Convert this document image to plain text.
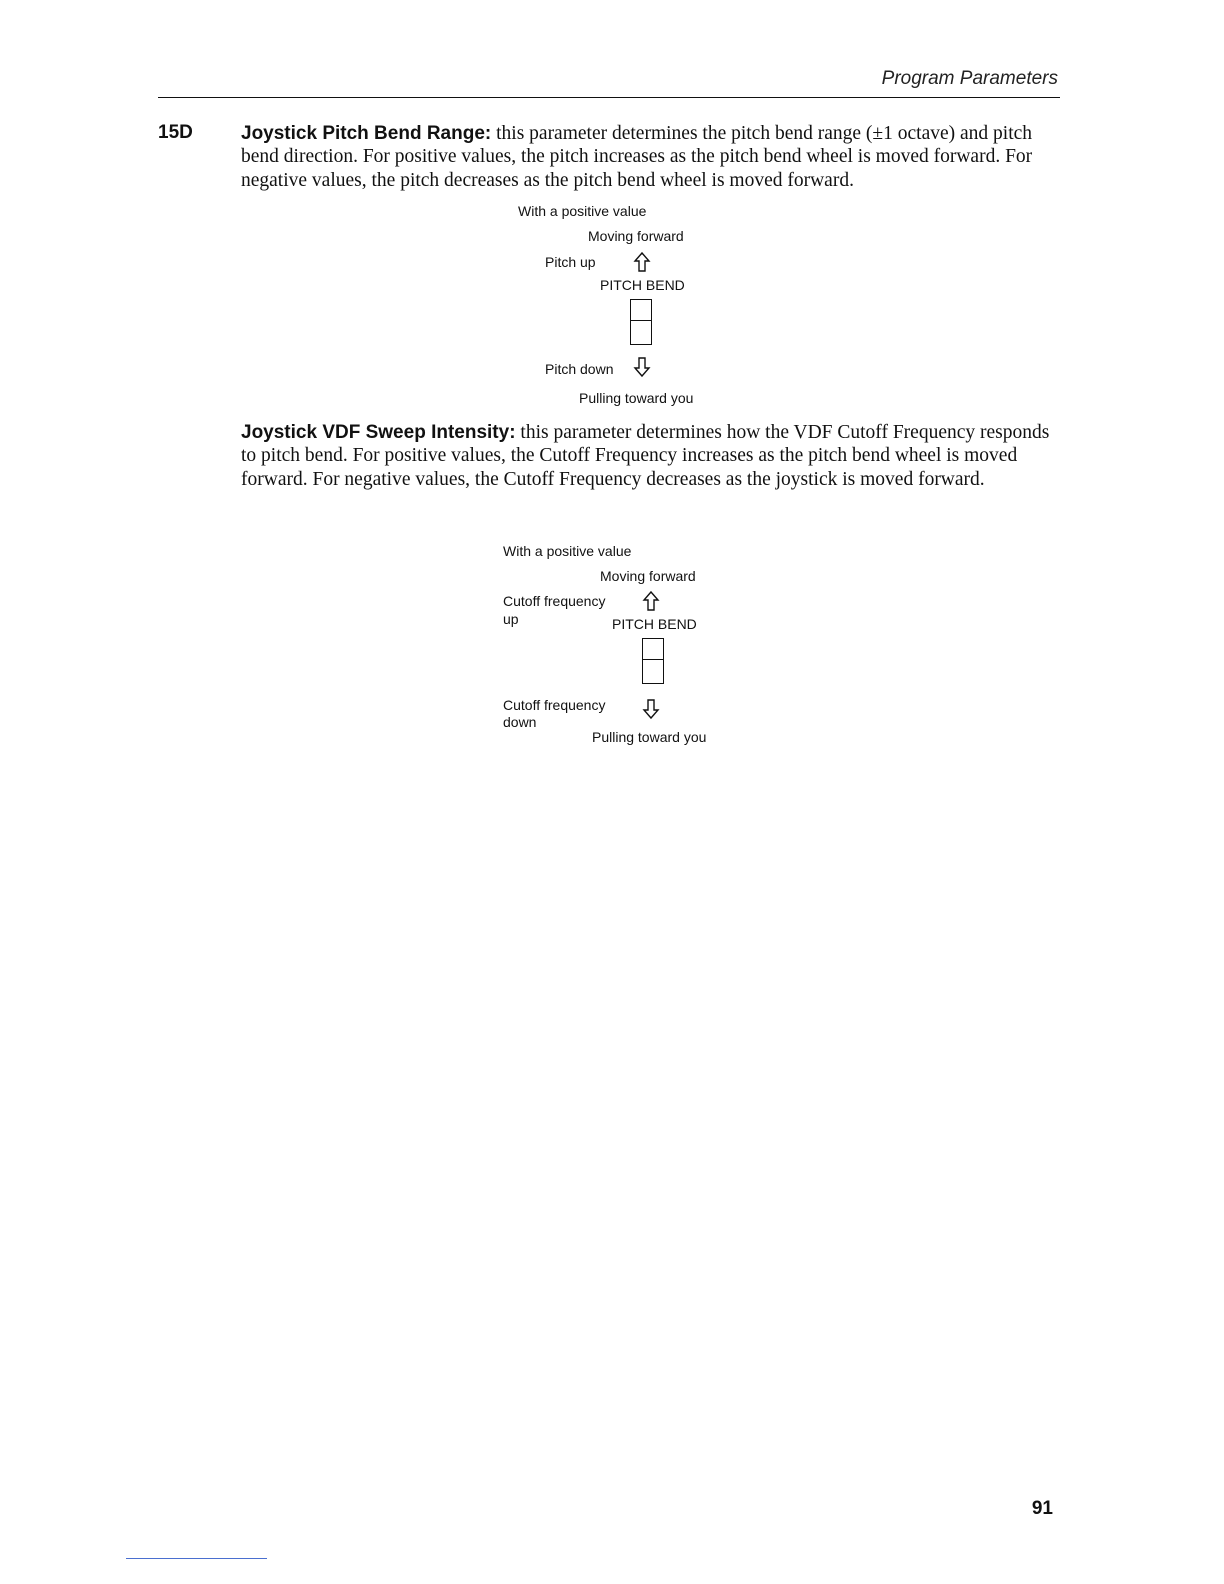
Program Parameters
15D	Joystick Pitch Bend Range: this parameter determines the pitch bend range (±1 octave) and pitch bend direction. For positive values, the pitch increases as the pitch bend wheel is moved forward. For negative values, the pitch decreases as the pitch bend wheel is moved forward.
With a positive value
Moving forward
Pitch up
PITCH BEND
Pitch down
Pulling toward you
Joystick VDF Sweep Intensity: this parameter determines how the VDF Cutoff Frequency responds to pitch bend. For positive values, the Cutoff Frequency increases as the pitch bend wheel is moved forward. For negative values, the Cutoff Frequency decreases as the joystick is moved forward.
With a positive value
Moving forward
Cutoff frequency
up	PITCH BEND
Cutoff frequency
down
Pulling toward you
91
